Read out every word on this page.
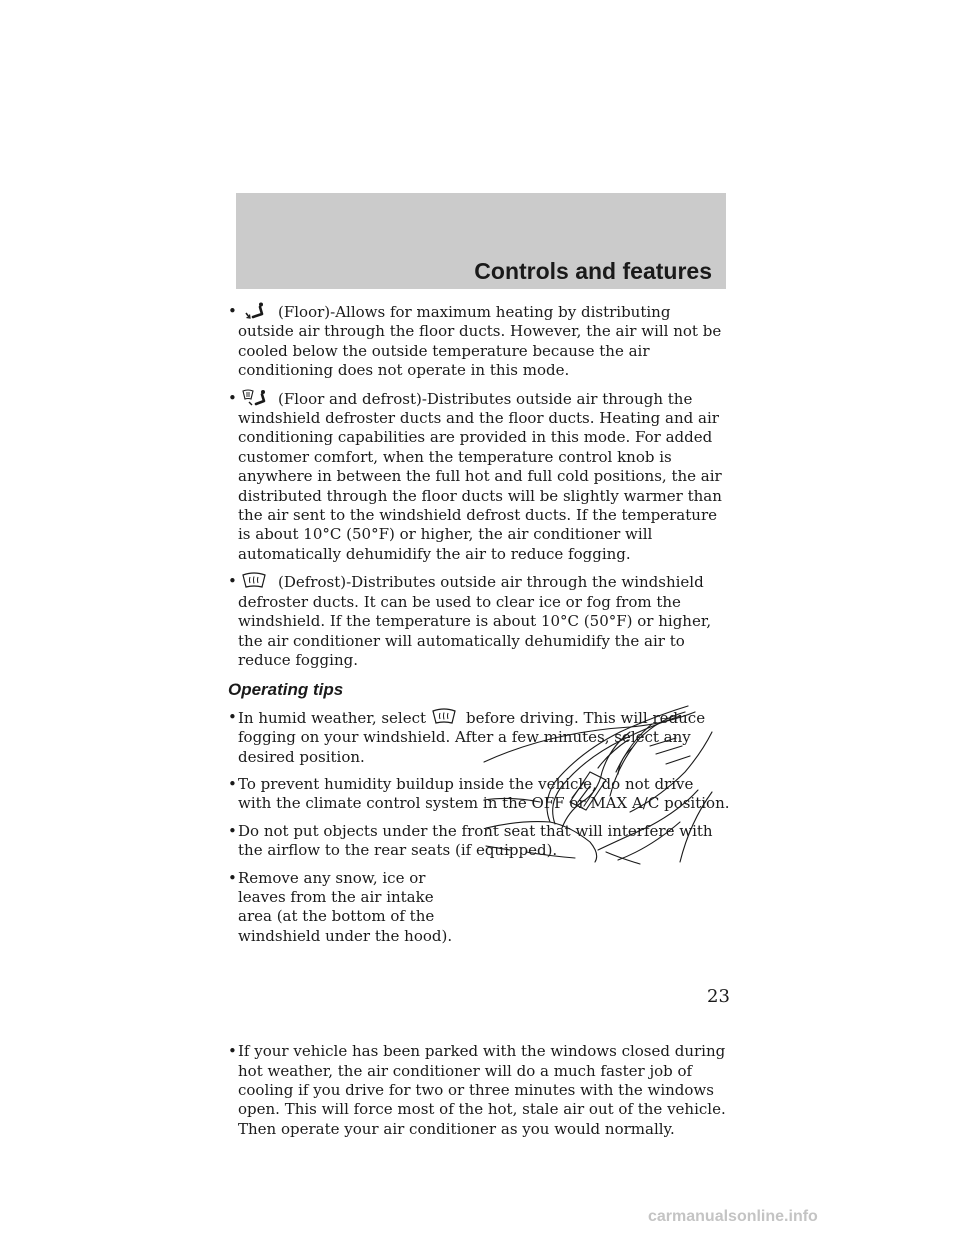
Controls and features
•	(Floor)-Allows for maximum heating by distributing outside air through the floor ducts. However, the air will not be cooled below the outside temperature because the air conditioning does not operate in this mode.
•	(Floor and defrost)-Distributes outside air through the windshield defroster ducts and the floor ducts. Heating and air conditioning capabilities are provided in this mode. For added customer comfort, when the temperature control knob is anywhere in between the full hot and full cold positions, the air distributed through the floor ducts will be slightly warmer than the air sent to the windshield defrost ducts. If the temperature is about 10°C (50°F) or higher, the air conditioner will automatically dehumidify the air to reduce fogging.
•	(Defrost)-Distributes outside air through the windshield defroster ducts. It can be used to clear ice or fog from the windshield. If the temperature is about 10°C (50°F) or higher, the air conditioner will automatically dehumidify the air to reduce fogging.
Operating tips
• In humid weather, select	before driving. This will reduce fogging on your windshield. After a few minutes, select any desired position.
• To prevent humidity buildup inside the vehicle, do not drive with the climate control system in the OFF or MAX A/C position.
• Do not put objects under the front seat that will interfere with the airflow to the rear seats (if equipped).
• Remove any snow, ice or leaves from the air intake area (at the bottom of the windshield under the hood).
• If your vehicle has been parked with the windows closed during hot weather, the air conditioner will do a much faster job of cooling if you drive for two or three minutes with the windows open. This will force most of the hot, stale air out of the vehicle. Then operate your air conditioner as you would normally.
23
carmanualsonline.info
